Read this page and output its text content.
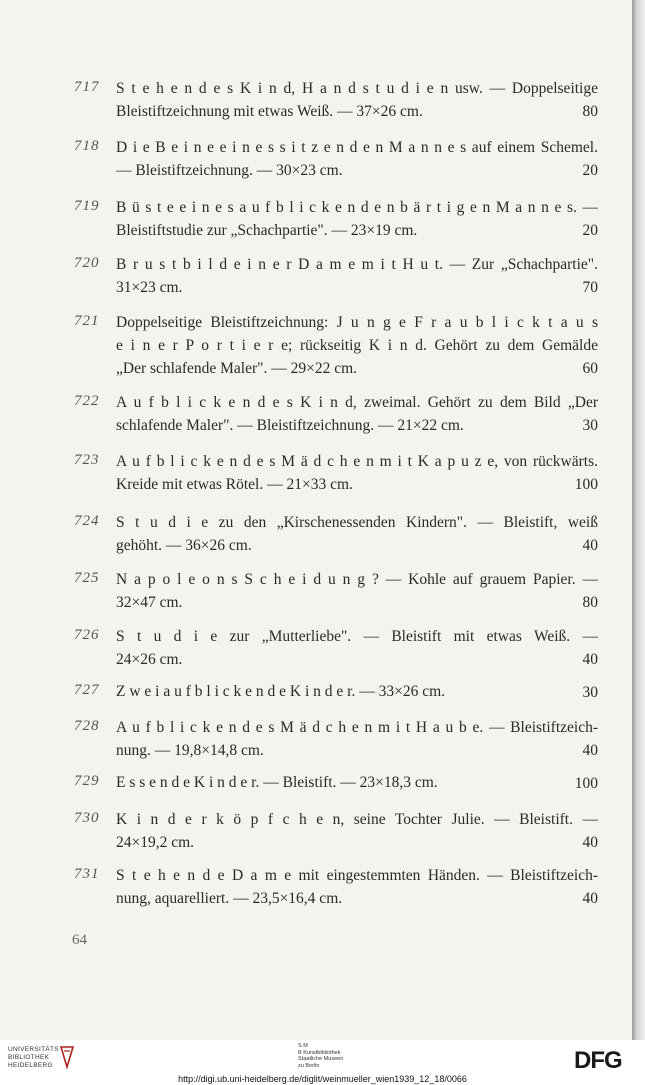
717 S t e h e n d e s K i n d, H a n d s t u d i e n usw. — Doppelseitige
Bleistiftzeichnung mit etwas Weiß. — 37×26 cm.	80
718 D i e B e i n e e i n e s s i t z e n d e n M a n n e s auf einem Schemel.
— Bleistiftzeichnung. — 30×23 cm.	20
719 B ü s t e e i n e s a u f b l i c k e n d e n b ä r t i g e n M a n n e s. —
Bleistiftstudie zur „Schachpartie". — 23×19 cm.	20
720 B r u s t b i l d e i n e r D a m e m i t H u t. — Zur „Schachpartie".
31×23 cm.	70
721 Doppelseitige Bleistiftzeichnung: J u n g e F r a u b l i c k t a u s
e i n e r P o r t i e r e; rückseitig K i n d. Gehört zu dem Gemälde
„Der schlafende Maler". — 29×22 cm.	60
722 A u f b l i c k e n d e s K i n d, zweimal. Gehört zu dem Bild „Der
schlafende Maler". — Bleistiftzeichnung. — 21×22 cm.	30
723 A u f b l i c k e n d e s M ä d c h e n m i t K a p u z e, von rückwärts.
Kreide mit etwas Rötel. — 21×33 cm.	100
724 S t u d i e zu den „Kirschenessenden Kindern". — Bleistift, weiß
gehöht. — 36×26 cm.	40
725 N a p o l e o n s S c h e i d u n g ? — Kohle auf grauem Papier. —
32×47 cm.	80
726 S t u d i e zur „Mutterliebe". — Bleistift mit etwas Weiß. —
24×26 cm.	40
727 Z w e i a u f b l i c k e n d e K i n d e r. — 33×26 cm.	30
728 A u f b l i c k e n d e s M ä d c h e n m i t H a u b e. — Bleistiftzeich-
nung. — 19,8×14,8 cm.	40
729 E s s e n d e K i n d e r. — Bleistift. — 23×18,3 cm.	100
730 K i n d e r k ö p f c h e n, seine Tochter Julie. — Bleistift. —
24×19,2 cm.	40
731 S t e h e n d e D a m e mit eingestemmten Händen. — Bleistiftzeich-
nung, aquarelliert. — 23,5×16,4 cm.	40
64
UNIVERSITÄTS
BIBLIOTHEK
HEIDELBERG
S M
B Kunstbibliothek
Staatliche Museen
zu Berlin	DFG
http://digi.ub.uni-heidelberg.de/diglit/weinmueller_wien1939_12_18/0066
